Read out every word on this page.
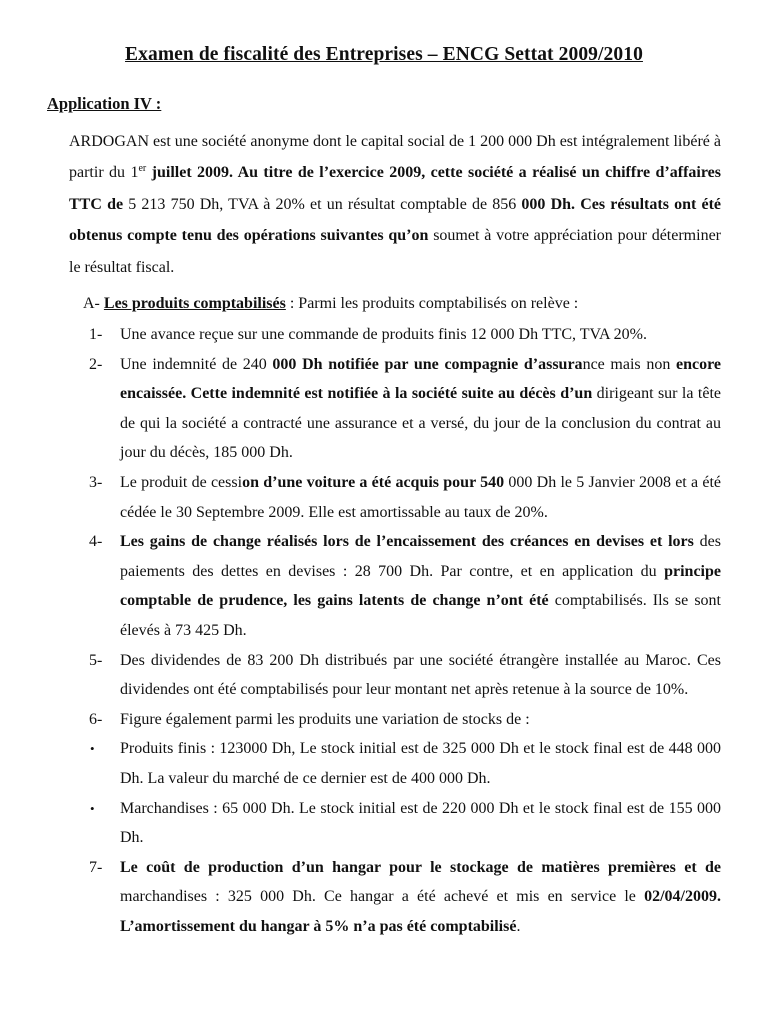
Examen de fiscalité des Entreprises – ENCG Settat 2009/2010
Application IV :

ARDOGAN est une société anonyme dont le capital social de 1 200 000 Dh est intégralement libéré à partir du 1er juillet 2009. Au titre de l’exercice 2009, cette société a réalisé un chiffre d’affaires TTC de 5 213 750 Dh, TVA à 20% et un résultat comptable de 856 000 Dh. Ces résultats ont été obtenus compte tenu des opérations suivantes qu’on soumet à votre appréciation pour déterminer le résultat fiscal.

A- Les produits comptabilisés : Parmi les produits comptabilisés on relève :

1-	Une avance reçue sur une commande de produits finis 12 000 Dh TTC, TVA 20%.
2-	Une indemnité de 240 000 Dh notifiée par une compagnie d’assurance mais non encore encaissée. Cette indemnité est notifiée à la société suite au décès d’un dirigeant sur la tête de qui la société a contracté une assurance et a versé, du jour de la conclusion du contrat au jour du décès, 185 000 Dh.
3-	Le produit de cession d’une voiture a été acquis pour 540 000 Dh le 5 Janvier 2008 et a été cédée le 30 Septembre 2009. Elle est amortissable au taux de 20%.
4-	Les gains de change réalisés lors de l’encaissement des créances en devises et lors des paiements des dettes en devises : 28 700 Dh. Par contre, et en application du principe comptable de prudence, les gains latents de change n’ont été comptabilisés. Ils se sont élevés à 73 425 Dh.
5-	Des dividendes de 83 200 Dh distribués par une société étrangère installée au Maroc. Ces dividendes ont été comptabilisés pour leur montant net après retenue à la source de 10%.
6-	Figure également parmi les produits une variation de stocks de :
• Produits finis : 123000 Dh, Le stock initial est de 325 000 Dh et le stock final est de 448 000 Dh. La valeur du marché de ce dernier est de 400 000 Dh.
• Marchandises : 65 000 Dh. Le stock initial est de 220 000 Dh et le stock final est de 155 000 Dh.
7-	Le coût de production d’un hangar pour le stockage de matières premières et de marchandises : 325 000 Dh. Ce hangar a été achevé et mis en service le 02/04/2009. L’amortissement du hangar à 5% n’a pas été comptabilisé.
